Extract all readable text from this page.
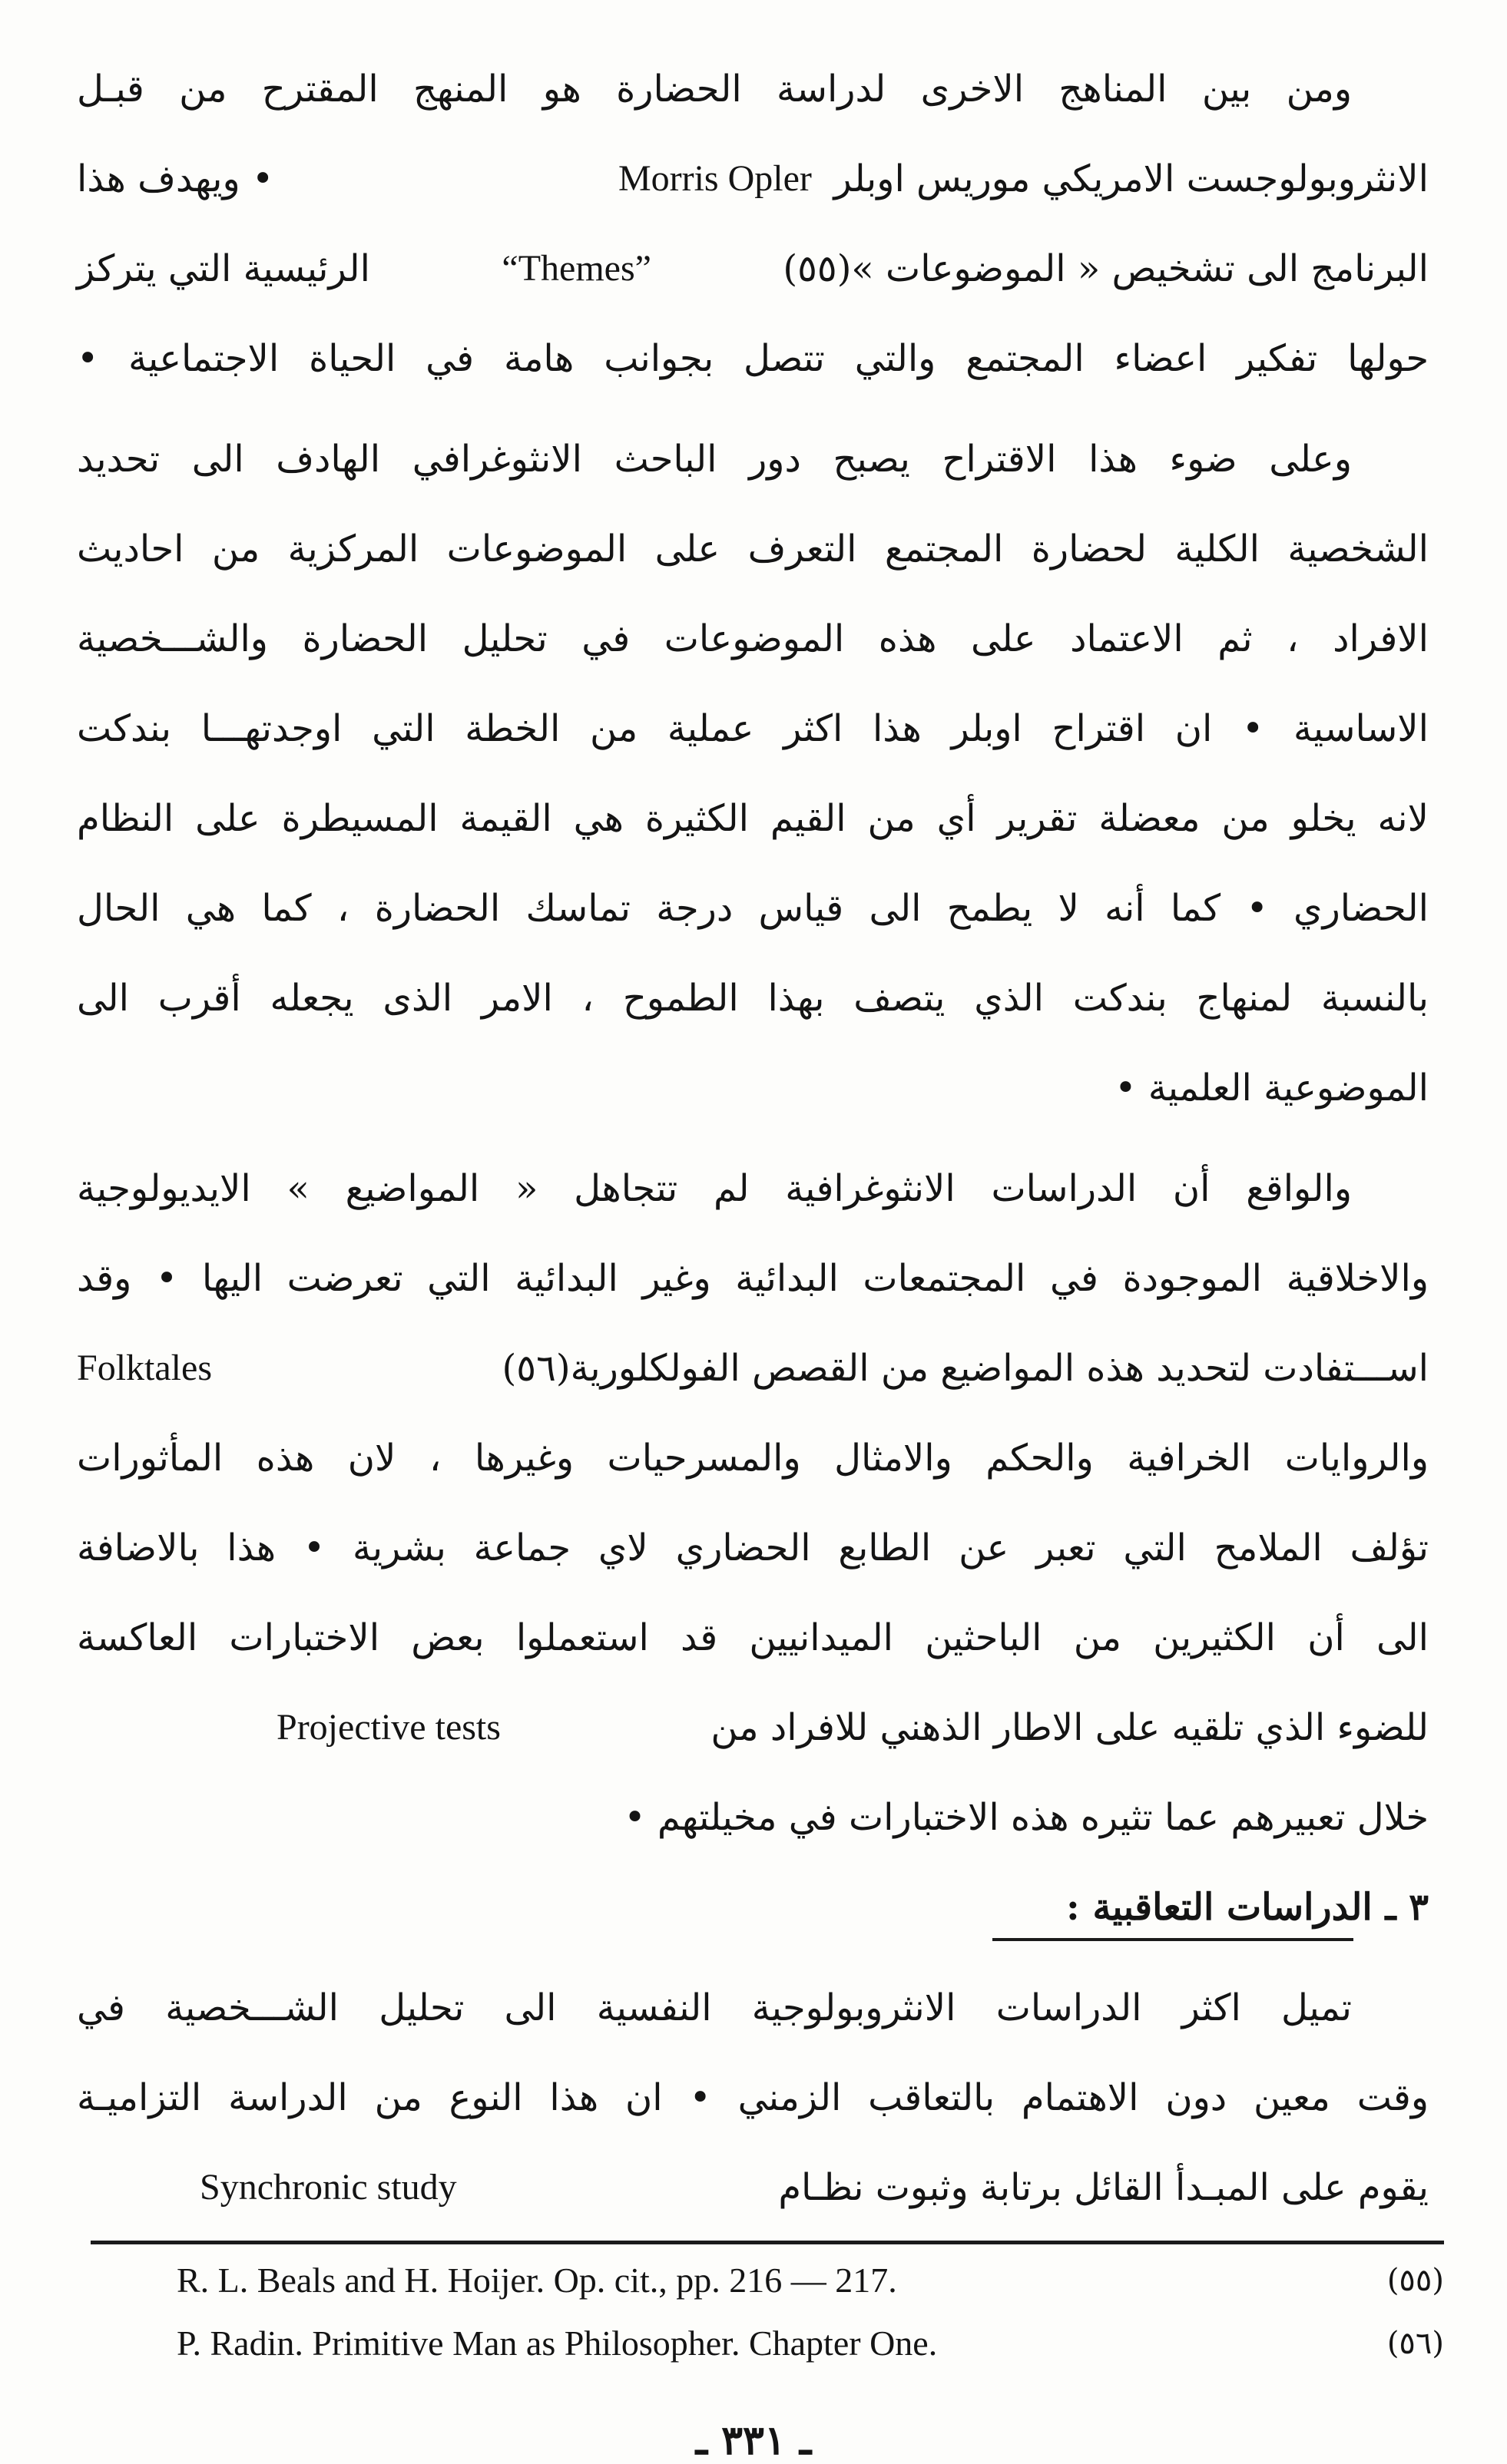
ومن بين المناهج الاخرى لدراسة الحضارة هو المنهج المقترح من قبـل
الانثروبولوجست الامريكي موريس اوبلر
Morris Opler
• ويهدف هذا
البرنامج الى تشخيص « الموضوعات »(٥٥)
“Themes”
الرئيسية التي يتركز
حولها تفكير اعضاء المجتمع والتي تتصل بجوانب هامة في الحياة الاجتماعية •
وعلى ضوء هذا الاقتراح يصبح دور الباحث الانثوغرافي الهادف الى تحديد
الشخصية الكلية لحضارة المجتمع التعرف على الموضوعات المركزية من احاديث
الافراد ، ثم الاعتماد على هذه الموضوعات في تحليل الحضارة والشـــخصية
الاساسية • ان اقتراح اوبلر هذا اكثر عملية من الخطة التي اوجدتهـــا بندكت
لانه يخلو من معضلة تقرير أي من القيم الكثيرة هي القيمة المسيطرة على النظام
الحضاري • كما أنه لا يطمح الى قياس درجة تماسك الحضارة ، كما هي الحال
بالنسبة لمنهاج بندكت الذي يتصف بهذا الطموح ، الامر الذى يجعله أقرب الى
الموضوعية العلمية •
والواقع أن الدراسات الانثوغرافية لم تتجاهل « المواضيع » الايديولوجية
والاخلاقية الموجودة في المجتمعات البدائية وغير البدائية التي تعرضت اليها • وقد
اســـتفادت لتحديد هذه المواضيع من القصص الفولكلورية(٥٦)
Folktales
والروايات الخرافية والحكم والامثال والمسرحيات وغيرها ، لان هذه المأثورات
تؤلف الملامح التي تعبر عن الطابع الحضاري لاي جماعة بشرية • هذا بالاضافة
الى أن الكثيرين من الباحثين الميدانيين قد استعملوا بعض الاختبارات العاكسة
للضوء الذي تلقيه على الاطار الذهني للافراد من
Projective tests
خلال تعبيرهم عما تثيره هذه الاختبارات في مخيلتهم •
٣ ـ الدراسات التعاقبية :
تميل اكثر الدراسات الانثروبولوجية النفسية الى تحليل الشـــخصية في
وقت معين دون الاهتمام بالتعاقب الزمني • ان هذا النوع من الدراسة التزاميـة
يقوم على المبـدأ القائل برتابة وثبوت نظـام
Synchronic study
R. L. Beals and H. Hoijer. Op. cit., pp. 216 — 217.	(٥٥)
P. Radin. Primitive Man as Philosopher. Chapter One.	(٥٦)
ـ ٣٣١ ـ
